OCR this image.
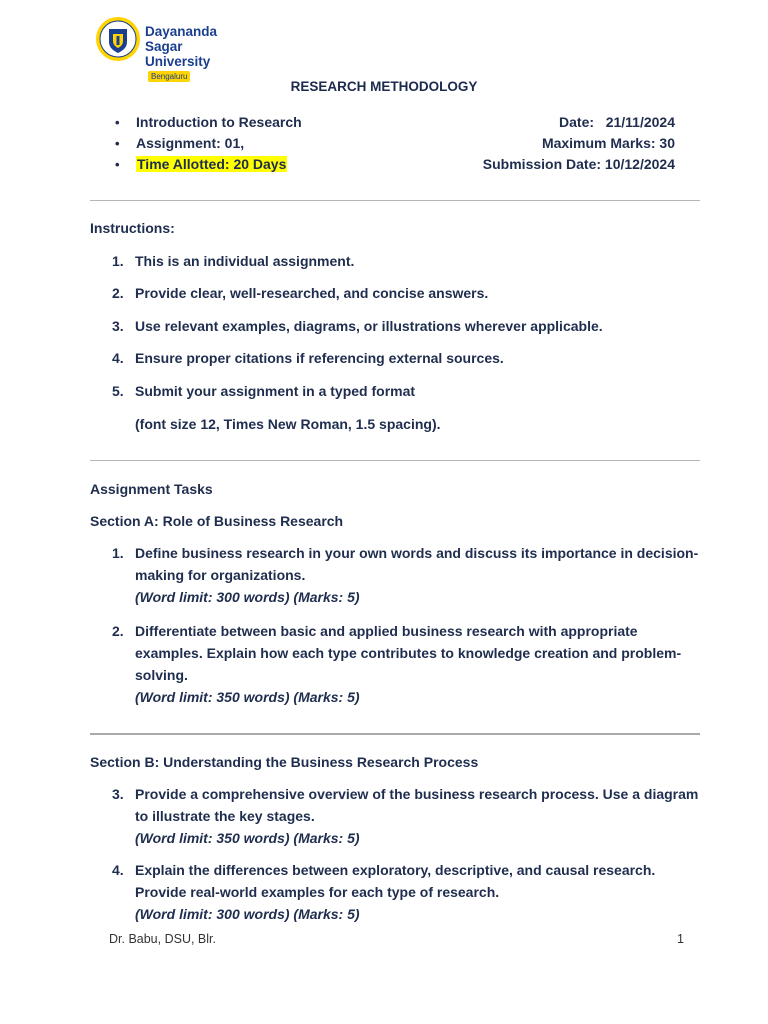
Dayananda Sagar
UniversityBengaluru
RESEARCH METHODOLOGY
• Introduction to Research
• Assignment: 01,
• Time Allotted: 20 Days
Date:   21/11/2024
Maximum Marks: 30
Submission Date: 10/12/2024
Instructions:
1. This is an individual assignment.
2. Provide clear, well-researched, and concise answers.
3. Use relevant examples, diagrams, or illustrations wherever applicable.
4. Ensure proper citations if referencing external sources.
5. Submit your assignment in a typed format
(font size 12, Times New Roman, 1.5 spacing).
Assignment Tasks
Section A: Role of Business Research
1. Define business research in your own words and discuss its importance in decision-making for organizations.
(Word limit: 300 words) (Marks: 5)
2. Differentiate between basic and applied business research with appropriate examples. Explain how each type contributes to knowledge creation and problem-solving.
(Word limit: 350 words) (Marks: 5)
Section B: Understanding the Business Research Process
3. Provide a comprehensive overview of the business research process. Use a diagram to illustrate the key stages.
(Word limit: 350 words) (Marks: 5)
4. Explain the differences between exploratory, descriptive, and causal research. Provide real-world examples for each type of research.
(Word limit: 300 words) (Marks: 5)
Dr. Babu, DSU, Blr.	1
